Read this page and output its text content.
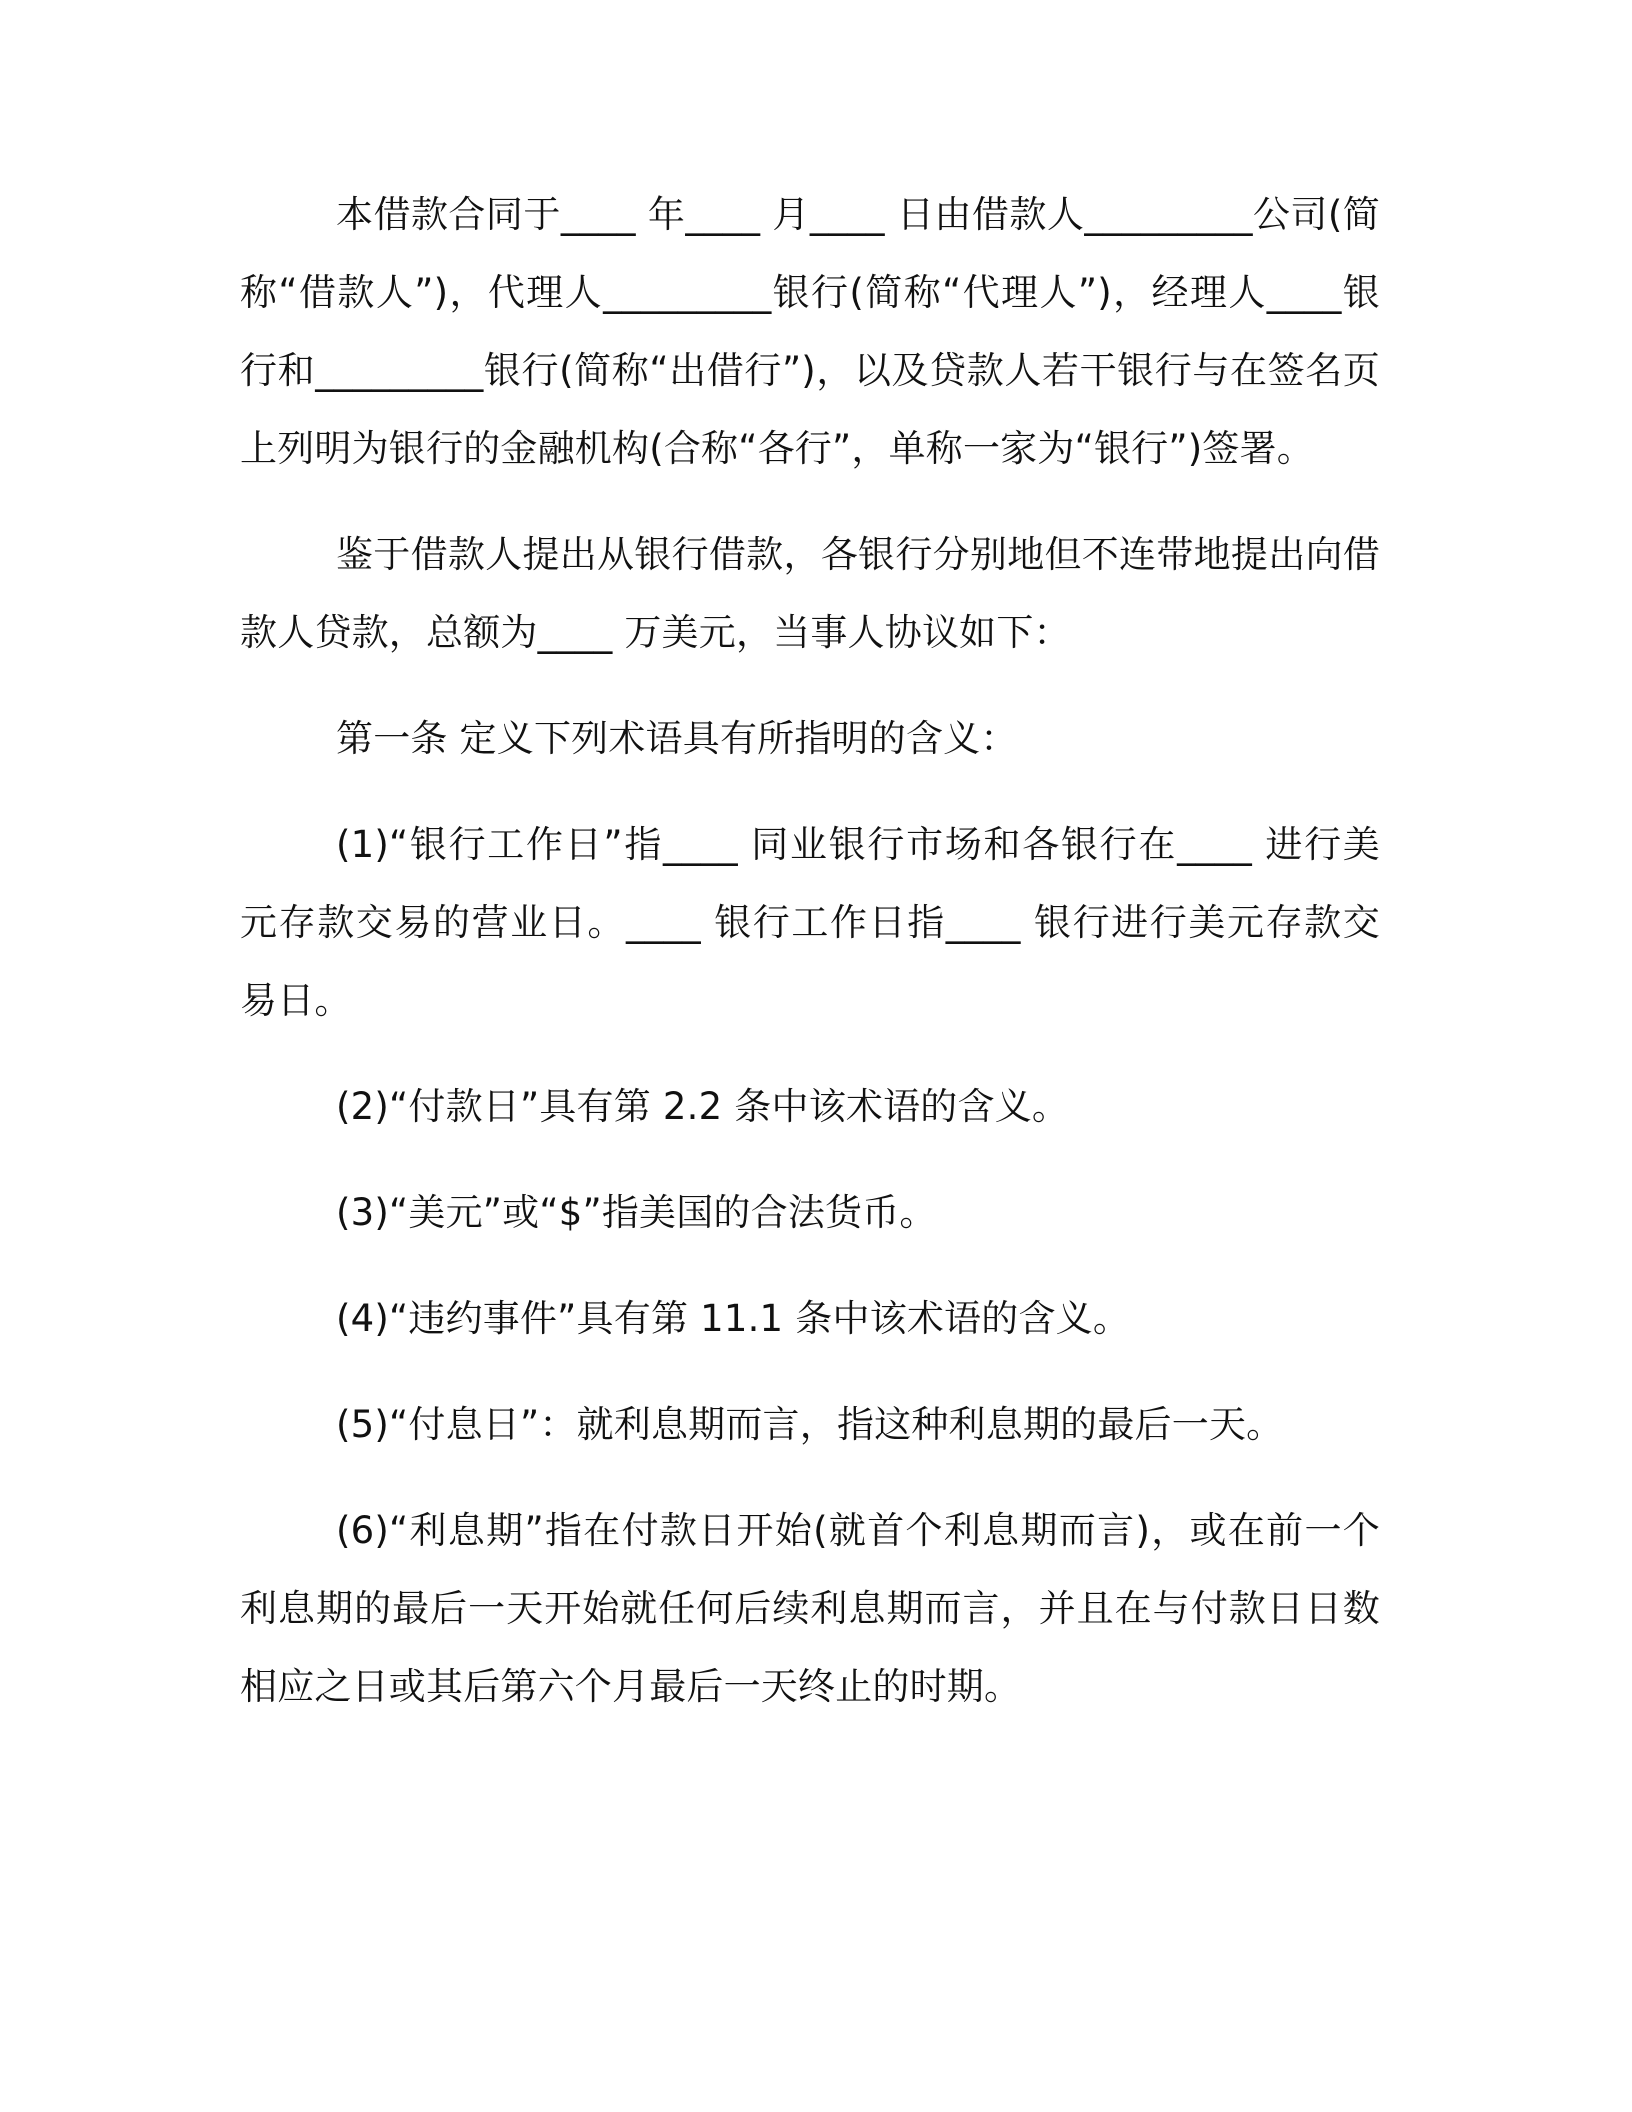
本借款合同于____ 年____ 月____ 日由借款人_________公司(简称“借款人”)，代理人_________银行(简称“代理人”)，经理人____银行和_________银行(简称“出借行”)，以及贷款人若干银行与在签名页上列明为银行的金融机构(合称“各行”，单称一家为“银行”)签署。

鉴于借款人提出从银行借款，各银行分别地但不连带地提出向借款人贷款，总额为____ 万美元，当事人协议如下：

第一条 定义下列术语具有所指明的含义：

(1)“银行工作日”指____ 同业银行市场和各银行在____ 进行美元存款交易的营业日。____ 银行工作日指____ 银行进行美元存款交易日。

(2)“付款日”具有第 2.2 条中该术语的含义。

(3)“美元”或“$”指美国的合法货币。

(4)“违约事件”具有第 11.1 条中该术语的含义。

(5)“付息日”：就利息期而言，指这种利息期的最后一天。

(6)“利息期”指在付款日开始(就首个利息期而言)，或在前一个利息期的最后一天开始就任何后续利息期而言，并且在与付款日日数相应之日或其后第六个月最后一天终止的时期。
